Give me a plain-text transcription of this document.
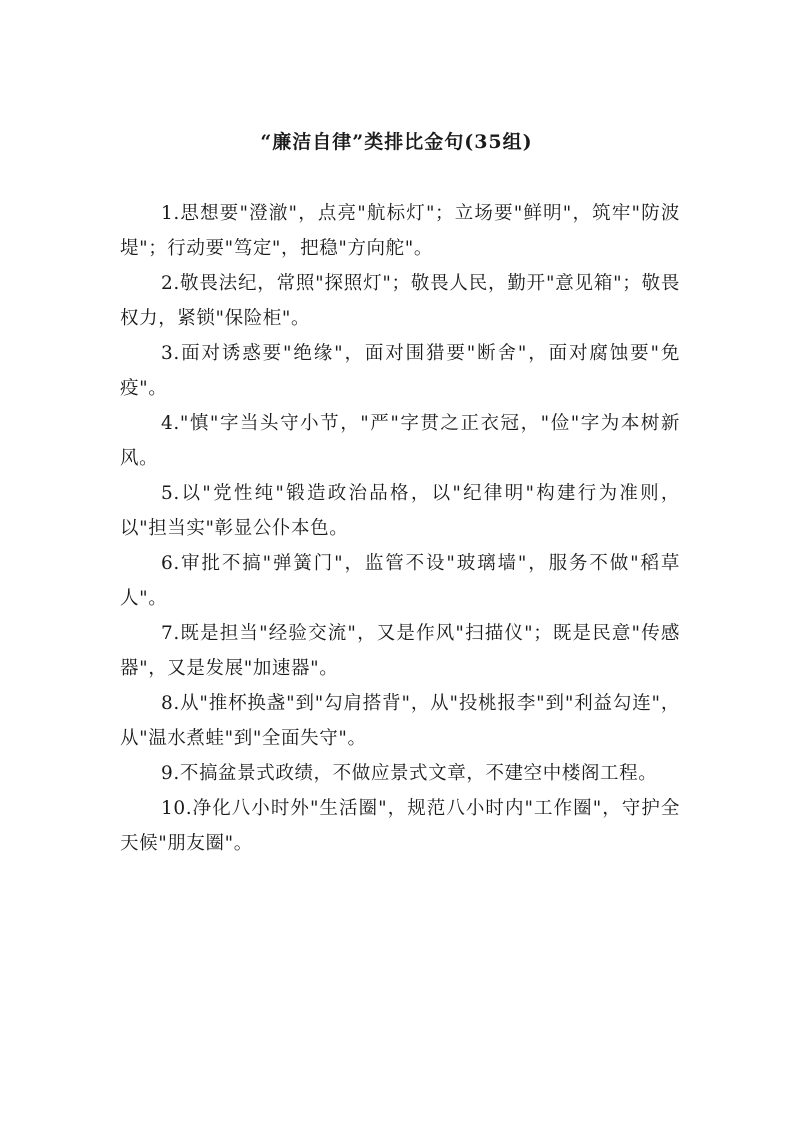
“廉洁自律”类排比金句(35组)

1.思想要"澄澈"，点亮"航标灯"；立场要"鲜明"，筑牢"防波堤"；行动要"笃定"，把稳"方向舵"。

2.敬畏法纪，常照"探照灯"；敬畏人民，勤开"意见箱"；敬畏权力，紧锁"保险柜"。

3.面对诱惑要"绝缘"，面对围猎要"断舍"，面对腐蚀要"免疫"。

4."慎"字当头守小节，"严"字贯之正衣冠，"俭"字为本树新风。

5.以"党性纯"锻造政治品格，以"纪律明"构建行为准则，以"担当实"彰显公仆本色。

6.审批不搞"弹簧门"，监管不设"玻璃墙"，服务不做"稻草人"。

7.既是担当"经验交流"，又是作风"扫描仪"；既是民意"传感器"，又是发展"加速器"。

8.从"推杯换盏"到"勾肩搭背"，从"投桃报李"到"利益勾连"，从"温水煮蛙"到"全面失守"。

9.不搞盆景式政绩，不做应景式文章，不建空中楼阁工程。

10.净化八小时外"生活圈"，规范八小时内"工作圈"，守护全天候"朋友圈"。
